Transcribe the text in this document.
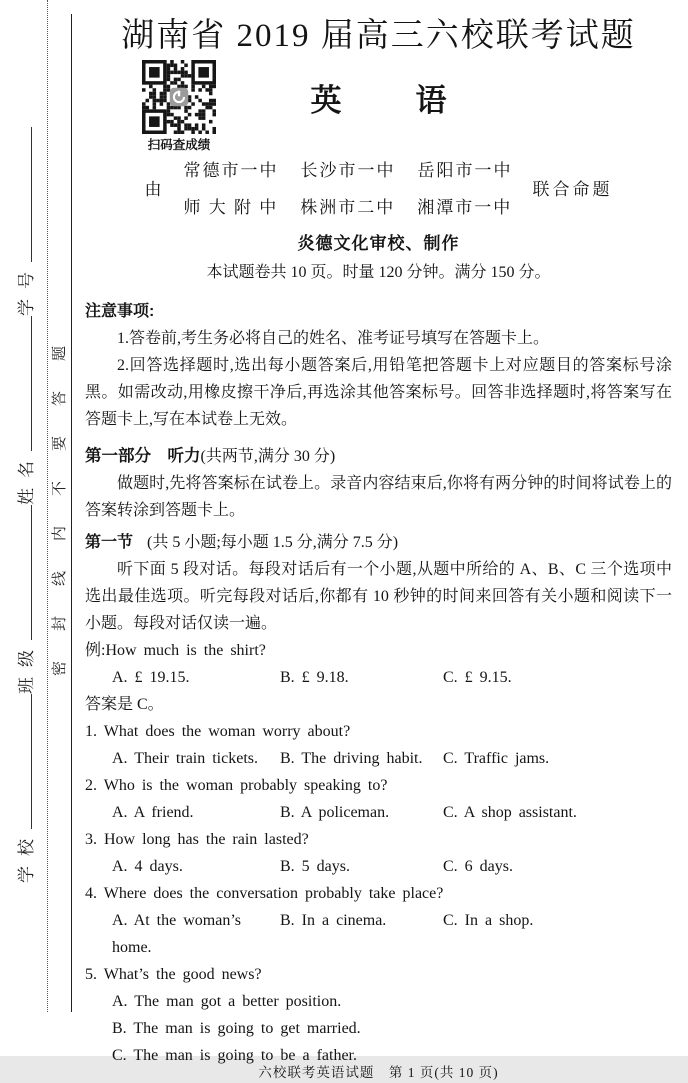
学校班级姓名学号
密封线内不要答题
湖南省 2019 届高三六校联考试题
扫码查成绩
英 语
由
常德市一中 长沙市一中 岳阳市一中
师 大 附 中 株洲市二中 湘潭市一中
联合命题
炎德文化审校、制作
本试题卷共 10 页。时量 120 分钟。满分 150 分。

注意事项:

1.答卷前,考生务必将自己的姓名、准考证号填写在答题卡上。

2.回答选择题时,选出每小题答案后,用铅笔把答题卡上对应题目的答案标号涂黑。如需改动,用橡皮擦干净后,再选涂其他答案标号。回答非选择题时,将答案写在答题卡上,写在本试卷上无效。

第一部分　听力(共两节,满分 30 分)

做题时,先将答案标在试卷上。录音内容结束后,你将有两分钟的时间将试卷上的答案转涂到答题卡上。

第一节 (共 5 小题;每小题 1.5 分,满分 7.5 分)

听下面 5 段对话。每段对话后有一个小题,从题中所给的 A、B、C 三个选项中选出最佳选项。听完每段对话后,你都有 10 秒钟的时间来回答有关小题和阅读下一小题。每段对话仅读一遍。

例:How much is the shirt?

A. £ 19.15.	B. £ 9.18.	C. £ 9.15.

答案是 C。

1. What does the woman worry about?

A. Their train tickets.	B. The driving habit.	C. Traffic jams.

2. Who is the woman probably speaking to?

A. A friend.	B. A policeman.	C. A shop assistant.

3. How long has the rain lasted?

A. 4 days.	B. 5 days.	C. 6 days.

4. Where does the conversation probably take place?

A. At the woman’s home.
B. In a cinema.	C. In a shop.

5. What’s the good news?

A. The man got a better position.

B. The man is going to get married.

C. The man is going to be a father.

六校联考英语试题　第 1 页(共 10 页)
